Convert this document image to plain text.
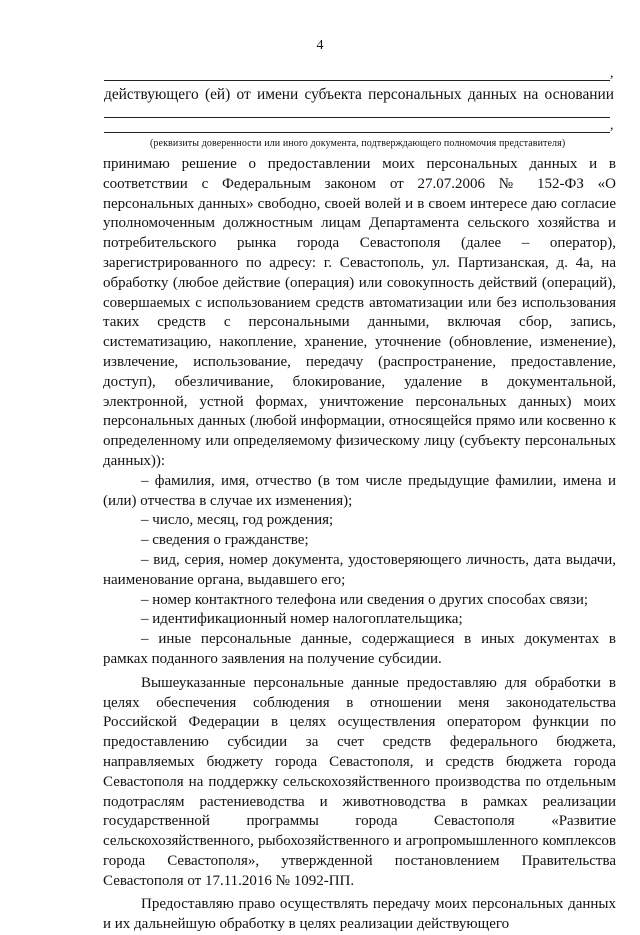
4
,
действующего (ей) от имени субъекта персональных данных на основании
,
(реквизиты доверенности или иного документа, подтверждающего полномочия представителя)

принимаю решение о предоставлении моих персональных данных и в соответствии с Федеральным законом от 27.07.2006 № 152-ФЗ «О персональных данных» свободно, своей волей и в своем интересе даю согласие уполномоченным должностным лицам Департамента сельского хозяйства и потребительского рынка города Севастополя (далее – оператор), зарегистрированного по адресу: г. Севастополь, ул. Партизанская, д. 4а, на обработку (любое действие (операция) или совокупность действий (операций), совершаемых с использованием средств автоматизации или без использования таких средств с персональными данными, включая сбор, запись, систематизацию, накопление, хранение, уточнение (обновление, изменение), извлечение, использование, передачу (распространение, предоставление, доступ), обезличивание, блокирование, удаление в документальной, электронной, устной формах, уничтожение персональных данных) моих персональных данных (любой информации, относящейся прямо или косвенно к определенному или определяемому физическому лицу (субъекту персональных данных)):

– фамилия, имя, отчество (в том числе предыдущие фамилии, имена и (или) отчества в случае их изменения);

– число, месяц, год рождения;

– сведения о гражданстве;

– вид, серия, номер документа, удостоверяющего личность, дата выдачи, наименование органа, выдавшего его;

– номер контактного телефона или сведения о других способах связи;

– идентификационный номер налогоплательщика;

– иные персональные данные, содержащиеся в иных документах в рамках поданного заявления на получение субсидии.

Вышеуказанные персональные данные предоставляю для обработки в целях обеспечения соблюдения в отношении меня законодательства Российской Федерации в целях осуществления оператором функции по предоставлению субсидии за счет средств федерального бюджета, направляемых бюджету города Севастополя, и средств бюджета города Севастополя на поддержку сельскохозяйственного производства по отдельным подотраслям растениеводства и животноводства в рамках реализации государственной программы города Севастополя «Развитие сельскохозяйственного, рыбохозяйственного и агропромышленного комплексов города Севастополя», утвержденной постановлением Правительства Севастополя от 17.11.2016 № 1092-ПП.

Предоставляю право осуществлять передачу моих персональных данных и их дальнейшую обработку в целях реализации действующего
